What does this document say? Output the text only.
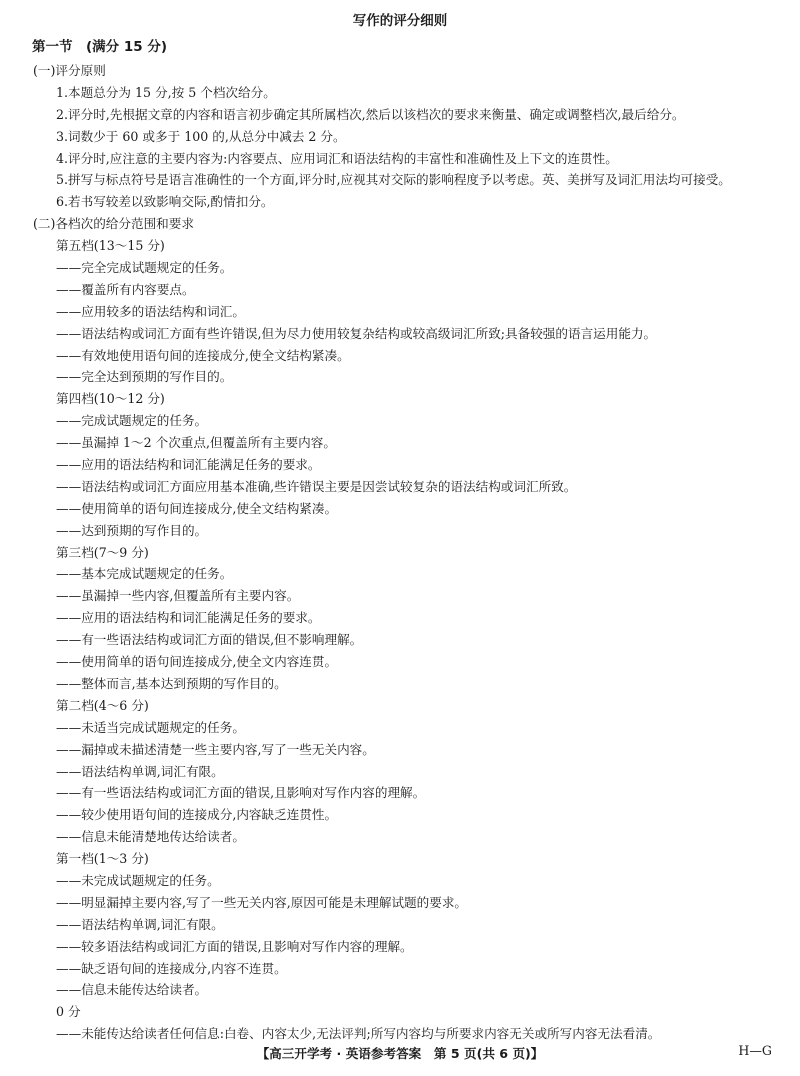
写作的评分细则
第一节　(满分 15 分)
(一)评分原则
1.本题总分为 15 分,按 5 个档次给分。
2.评分时,先根据文章的内容和语言初步确定其所属档次,然后以该档次的要求来衡量、确定或调整档次,最后给分。
3.词数少于 60 或多于 100 的,从总分中减去 2 分。
4.评分时,应注意的主要内容为:内容要点、应用词汇和语法结构的丰富性和准确性及上下文的连贯性。
5.拼写与标点符号是语言准确性的一个方面,评分时,应视其对交际的影响程度予以考虑。英、美拼写及词汇用法均可接受。
6.若书写较差以致影响交际,酌情扣分。
(二)各档次的给分范围和要求
第五档(13～15 分)
——完全完成试题规定的任务。
——覆盖所有内容要点。
——应用较多的语法结构和词汇。
——语法结构或词汇方面有些许错误,但为尽力使用较复杂结构或较高级词汇所致;具备较强的语言运用能力。
——有效地使用语句间的连接成分,使全文结构紧凑。
——完全达到预期的写作目的。
第四档(10～12 分)
——完成试题规定的任务。
——虽漏掉 1～2 个次重点,但覆盖所有主要内容。
——应用的语法结构和词汇能满足任务的要求。
——语法结构或词汇方面应用基本准确,些许错误主要是因尝试较复杂的语法结构或词汇所致。
——使用简单的语句间连接成分,使全文结构紧凑。
——达到预期的写作目的。
第三档(7～9 分)
——基本完成试题规定的任务。
——虽漏掉一些内容,但覆盖所有主要内容。
——应用的语法结构和词汇能满足任务的要求。
——有一些语法结构或词汇方面的错误,但不影响理解。
——使用简单的语句间连接成分,使全文内容连贯。
——整体而言,基本达到预期的写作目的。
第二档(4～6 分)
——未适当完成试题规定的任务。
——漏掉或未描述清楚一些主要内容,写了一些无关内容。
——语法结构单调,词汇有限。
——有一些语法结构或词汇方面的错误,且影响对写作内容的理解。
——较少使用语句间的连接成分,内容缺乏连贯性。
——信息未能清楚地传达给读者。
第一档(1～3 分)
——未完成试题规定的任务。
——明显漏掉主要内容,写了一些无关内容,原因可能是未理解试题的要求。
——语法结构单调,词汇有限。
——较多语法结构或词汇方面的错误,且影响对写作内容的理解。
——缺乏语句间的连接成分,内容不连贯。
——信息未能传达给读者。
0 分
——未能传达给读者任何信息:白卷、内容太少,无法评判;所写内容均与所要求内容无关或所写内容无法看清。
【高三开学考 · 英语参考答案　第 5 页(共 6 页)】	H—G
